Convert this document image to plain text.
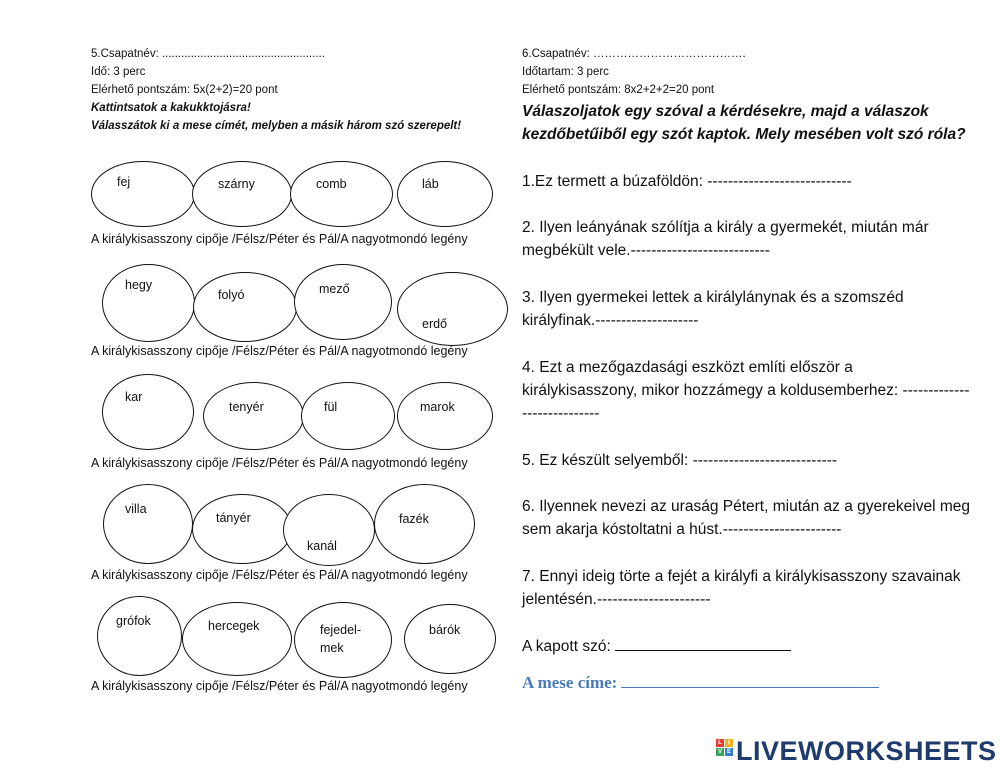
5.Csapatnév: ...................................................
Idő: 3 perc
Elérhető pontszám: 5x(2+2)=20 pont
Kattintsatok a kakukktojásra!
Válasszátok ki a mese címét, melyben a másik három szó szerepelt!
fej	szárny	comb	láb
A királykisasszony cipője /Félsz/Péter és Pál/A nagyotmondó legény
hegy
folyó	mező
erdő
A királykisasszony cipője /Félsz/Péter és Pál/A nagyotmondó legény
kar
tenyér	fül	marok
A királykisasszony cipője /Félsz/Péter és Pál/A nagyotmondó legény
villa
tányér
kanál
fazék
A királykisasszony cipője /Félsz/Péter és Pál/A nagyotmondó legény
grófok	hercegek	fejedel-
mek
bárók
A királykisasszony cipője /Félsz/Péter és Pál/A nagyotmondó legény
6.Csapatnév: ………………………………….
Időtartam: 3 perc
Elérhető pontszám: 8x2+2+2=20 pont
Válaszoljatok egy szóval a kérdésekre, majd a válaszok kezdőbetűiből egy szót kaptok. Mely mesében volt szó róla?
1.Ez termett a búzaföldön: ----------------------------
2. Ilyen leányának szólítja a király a gyermekét, miután már megbékült vele.---------------------------
3. Ilyen gyermekei lettek a királylánynak és a szomszéd királyfinak.--------------------
4. Ezt a mezőgazdasági eszközt említi először a királykisasszony, mikor hozzámegy a koldusemberhez: ----------------------------
5. Ez készült selyemből: ----------------------------
6. Ilyennek nevezi az uraság Pétert, miután az a gyerekeivel meg sem akarja kóstoltatni a húst.-----------------------
7. Ennyi ideig törte a fejét a királyfi a királykisasszony szavainak jelentésén.----------------------
A kapott szó:
A mese címe:
L	I
V E LIVEWORKSHEETS
